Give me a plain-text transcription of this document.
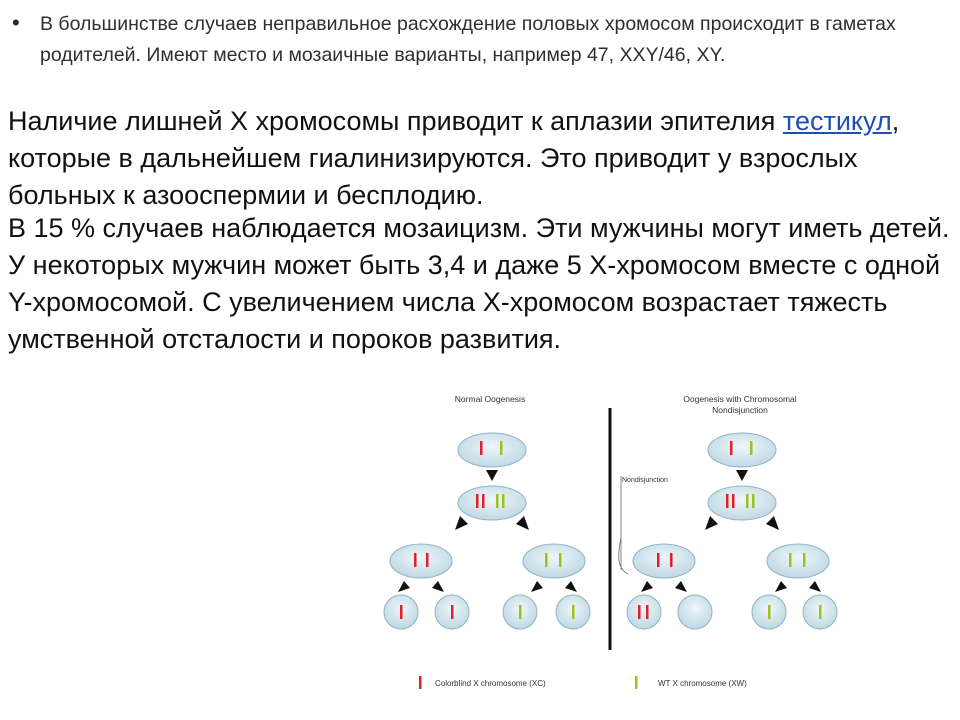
• В большинстве случаев неправильное расхождение половых хромосом происходит в гаметах родителей. Имеют место и мозаичные варианты, например 47, XXY/46, XY.
Наличие лишней Х хромосомы приводит к аплазии эпителия тестикул, которые в дальнейшем гиалинизируются. Это приводит у взрослых больных к азооспермии и бесплодию.
В 15 % случаев наблюдается мозаицизм. Эти мужчины могут иметь детей. У некоторых мужчин может быть 3,4 и даже 5 Х-хромосом вместе с одной Y-хромосомой. С увеличением числа Х-хромосом возрастает тяжесть умственной отсталости и пороков развития.
Normal Oogenesis	Oogenesis with Chromosomal
Nondisjunction
Nondisjunction
Colorblind X chromosome (XC)	WT X chromosome (XW)
